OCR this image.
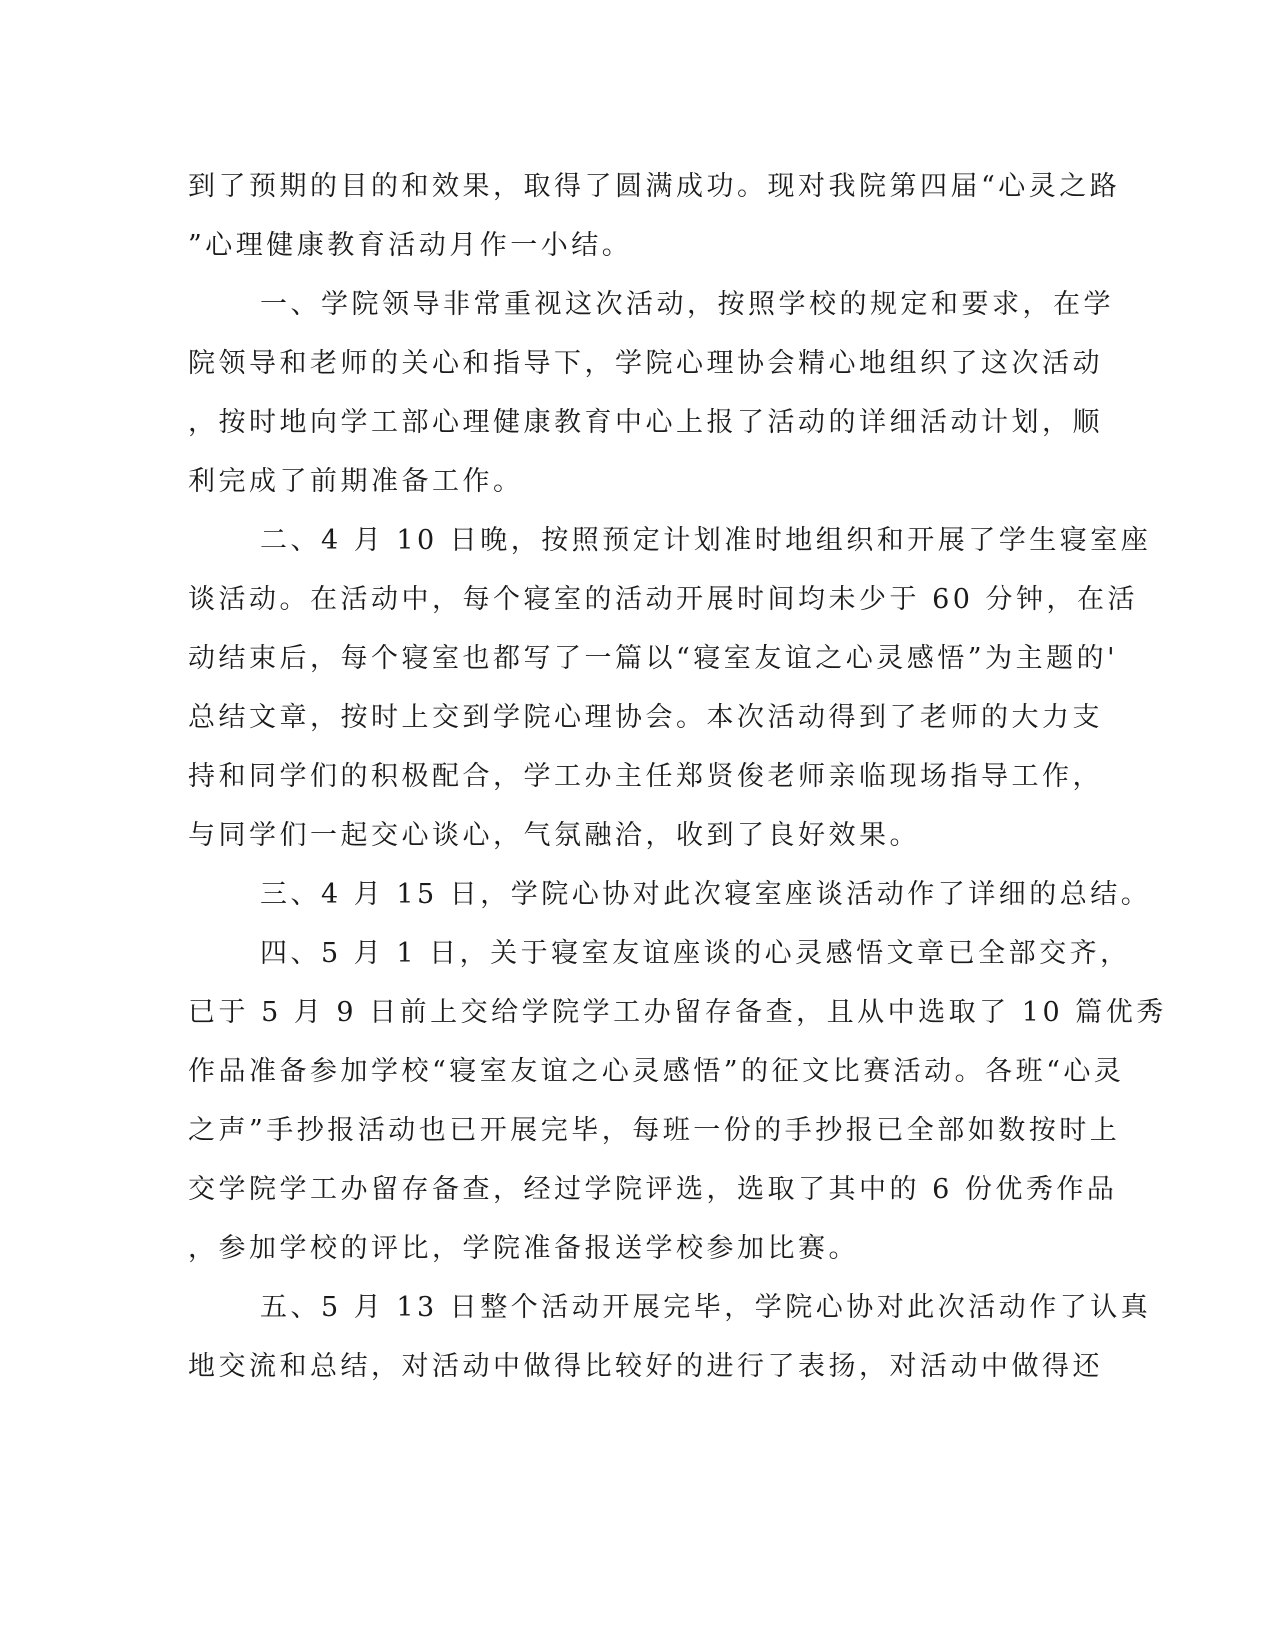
到了预期的目的和效果，取得了圆满成功。现对我院第四届“心灵之路
”心理健康教育活动月作一小结。
一、学院领导非常重视这次活动，按照学校的规定和要求，在学
院领导和老师的关心和指导下，学院心理协会精心地组织了这次活动
，按时地向学工部心理健康教育中心上报了活动的详细活动计划，顺
利完成了前期准备工作。
二、4 月 10 日晚，按照预定计划准时地组织和开展了学生寝室座
谈活动。在活动中，每个寝室的活动开展时间均未少于 60 分钟，在活
动结束后，每个寝室也都写了一篇以“寝室友谊之心灵感悟”为主题的'
总结文章，按时上交到学院心理协会。本次活动得到了老师的大力支
持和同学们的积极配合，学工办主任郑贤俊老师亲临现场指导工作，
与同学们一起交心谈心，气氛融洽，收到了良好效果。
三、4 月 15 日，学院心协对此次寝室座谈活动作了详细的总结。
四、5 月 1 日，关于寝室友谊座谈的心灵感悟文章已全部交齐，
已于 5 月 9 日前上交给学院学工办留存备查，且从中选取了 10 篇优秀
作品准备参加学校“寝室友谊之心灵感悟”的征文比赛活动。各班“心灵
之声”手抄报活动也已开展完毕，每班一份的手抄报已全部如数按时上
交学院学工办留存备查，经过学院评选，选取了其中的 6 份优秀作品
，参加学校的评比，学院准备报送学校参加比赛。
五、5 月 13 日整个活动开展完毕，学院心协对此次活动作了认真
地交流和总结，对活动中做得比较好的进行了表扬，对活动中做得还
